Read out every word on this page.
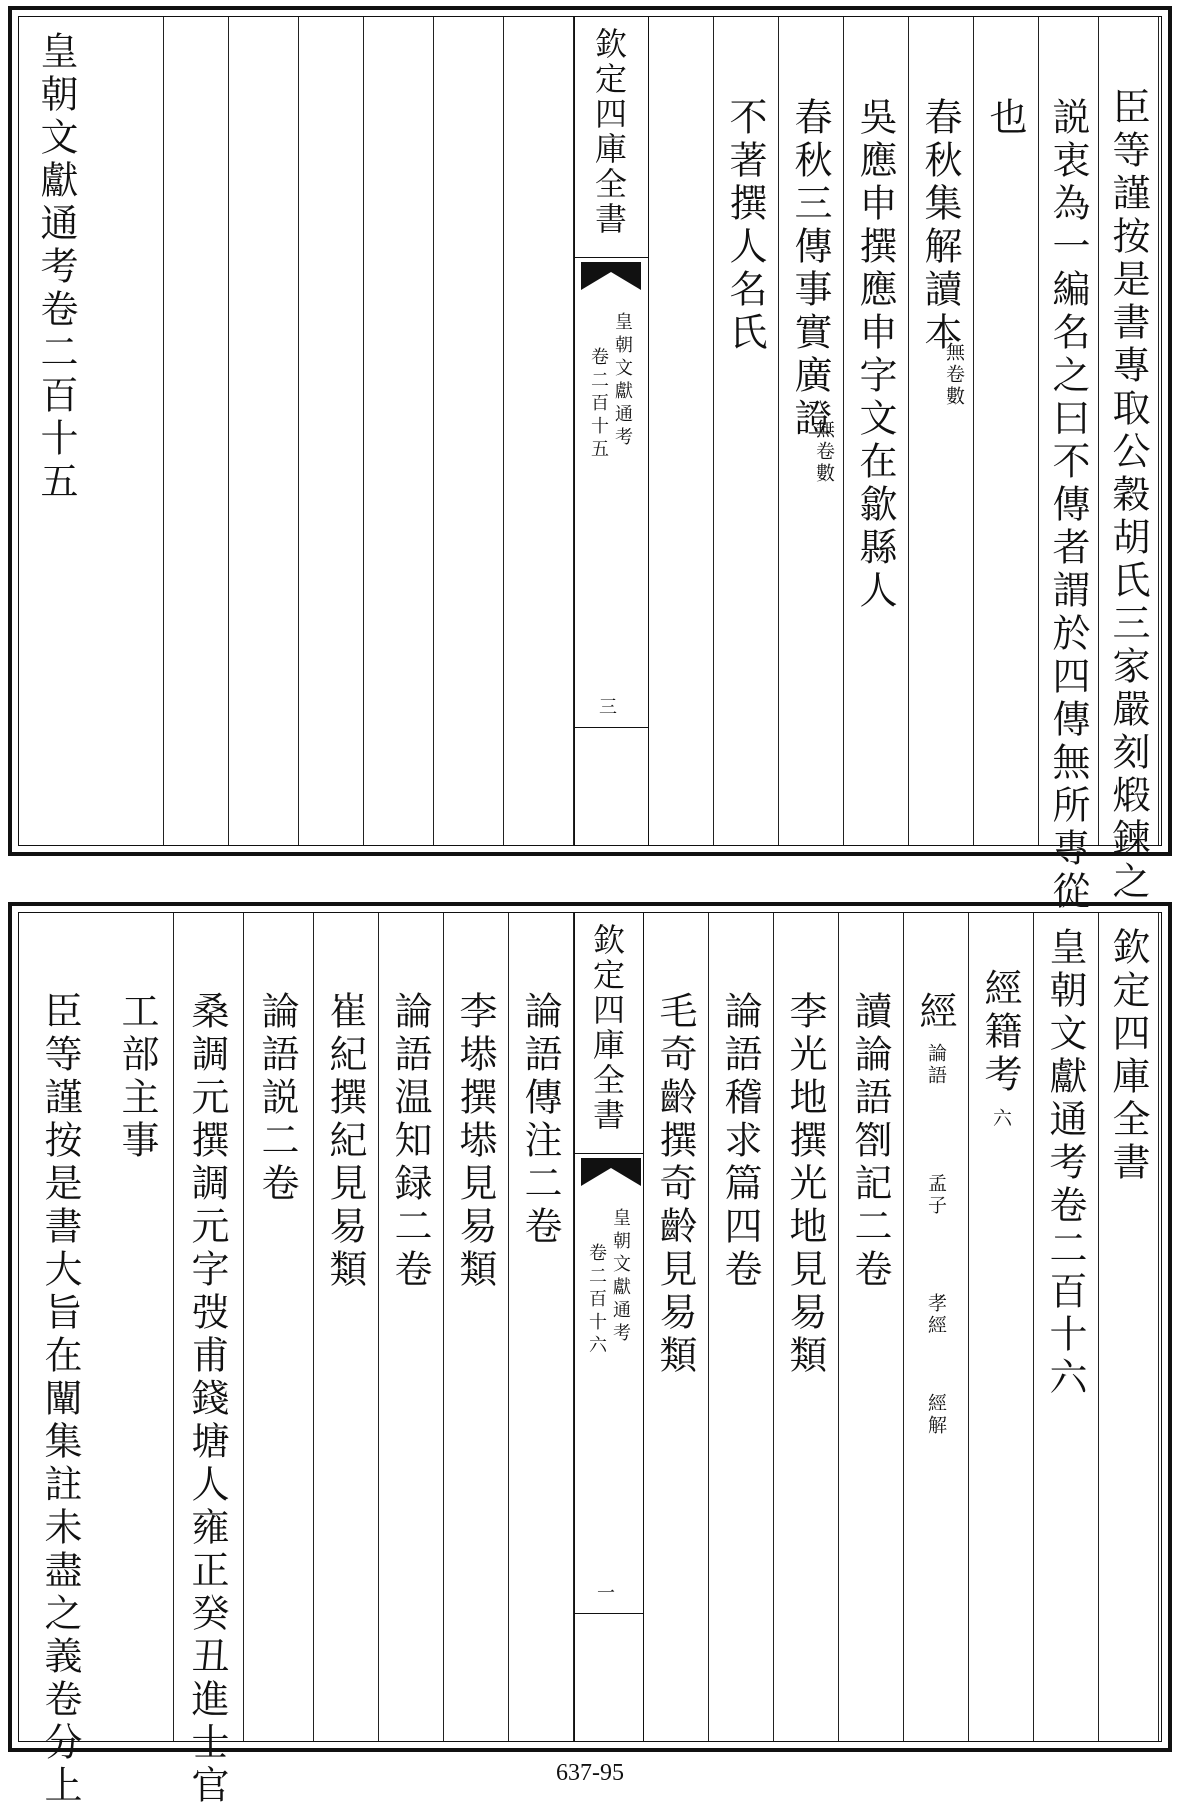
臣等謹按是書專取公穀胡氏三家嚴刻煅鍊之
説衷為一編名之曰不傳者謂於四傳無所專從
也
春秋集解讀本
無卷數
吳應申撰應申字文在歙縣人
春秋三傳事實廣證
無卷數
不著撰人名氏
欽定四庫全書
皇朝文獻通考
卷二百十五
三
皇朝文獻通考卷二百十五
欽定四庫全書
皇朝文獻通考卷二百十六
經籍考
六
經
論語
孟子
孝經
經解
讀論語劄記二卷
李光地撰光地見易類
論語稽求篇四卷
毛奇齡撰奇齡見易類
欽定四庫全書
皇朝文獻通考
卷二百十六
一
論語傳注二卷
李塨撰塨見易類
論語温知録二卷
崔紀撰紀見易類
論語説二卷
桑調元撰調元字弢甫錢塘人雍正癸丑進士官
工部主事
臣等謹按是書大旨在闡集註未盡之義卷分上	637-95
